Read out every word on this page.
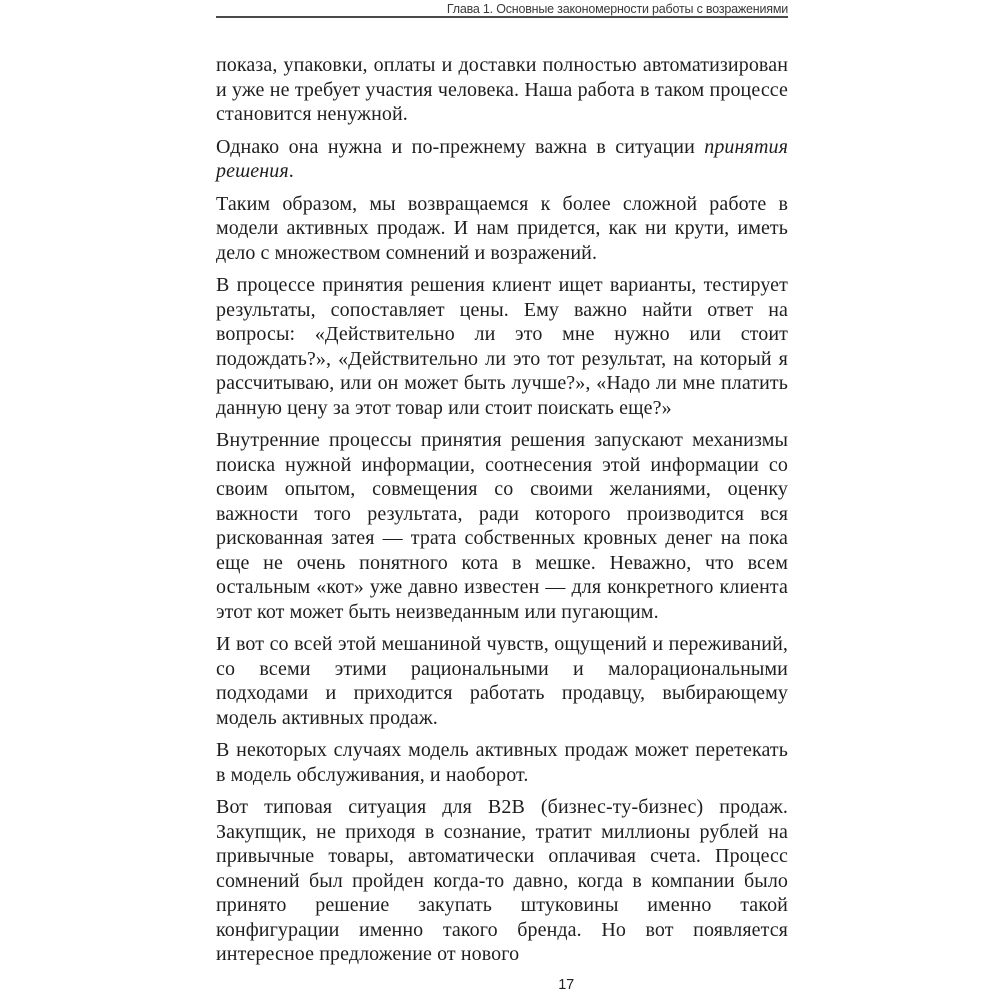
Глава 1. Основные закономерности работы с возражениями

показа, упаковки, оплаты и доставки полностью автоматизирован и уже не требует участия человека. Наша работа в таком процессе становится ненужной.

Однако она нужна и по-прежнему важна в ситуации принятия решения.

Таким образом, мы возвращаемся к более сложной работе в модели активных продаж. И нам придется, как ни крути, иметь дело с множеством сомнений и возражений.

В процессе принятия решения клиент ищет варианты, тестирует результаты, сопоставляет цены. Ему важно найти ответ на вопросы: «Действительно ли это мне нужно или стоит подождать?», «Действительно ли это тот результат, на который я рассчитываю, или он может быть лучше?», «Надо ли мне платить данную цену за этот товар или стоит поискать еще?»

Внутренние процессы принятия решения запускают механизмы поиска нужной информации, соотнесения этой информации со своим опытом, совмещения со своими желаниями, оценку важности того результата, ради которого производится вся рискованная затея — трата собственных кровных денег на пока еще не очень понятного кота в мешке. Неважно, что всем остальным «кот» уже давно известен — для конкретного клиента этот кот может быть неизведанным или пугающим.

И вот со всей этой мешаниной чувств, ощущений и переживаний, со всеми этими рациональными и малорациональными подходами и приходится работать продавцу, выбирающему модель активных продаж.

В некоторых случаях модель активных продаж может перетекать в модель обслуживания, и наоборот.

Вот типовая ситуация для B2B (бизнес-ту-бизнес) продаж. Закупщик, не приходя в сознание, тратит миллионы рублей на привычные товары, автоматически оплачивая счета. Процесс сомнений был пройден когда-то давно, когда в компании было принято решение закупать штуковины именно такой конфигурации именно такого бренда. Но вот появляется интересное предложение от нового

17
